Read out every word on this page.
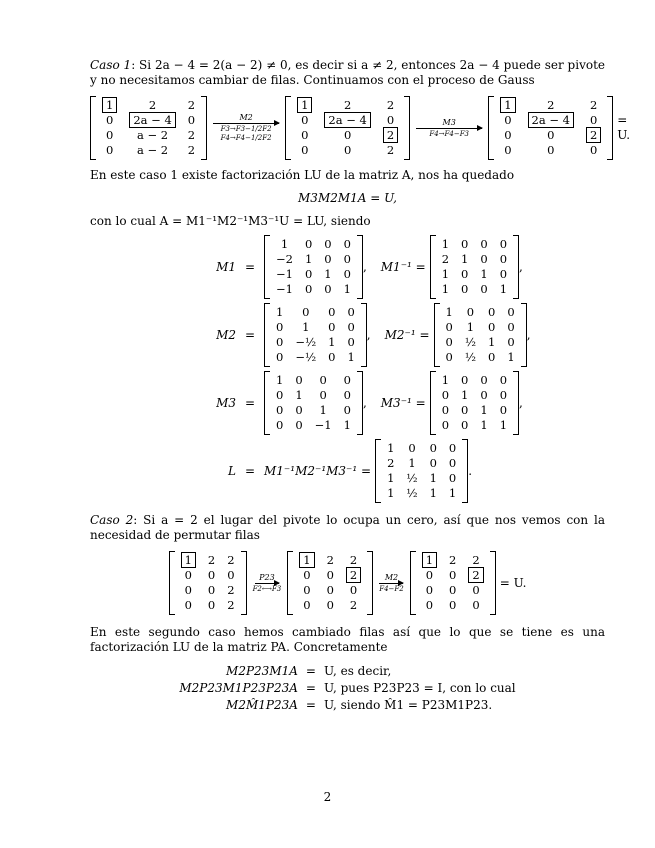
Caso 1: Si 2a − 4 = 2(a − 2) ≠ 0, es decir si a ≠ 2, entonces 2a − 4 puede ser pivote y no necesitamos cambiar de filas. Continuamos con el proceso de Gauss

1	2	2
0	2a − 4	0
0	a − 2	2
0	a − 2	2
M2
F3→F3−1/2F2
F4→F4−1/2F2
1	2	2
0	2a − 4	0
0	0	2
0	0	2
M3
F4→F4−F3
1	2	2
0	2a − 4	0
0	0	2
0	0	0
= U.

En este caso 1 existe factorización LU de la matriz A, nos ha quedado

M3M2M1A = U,

con lo cual A = M1⁻¹M2⁻¹M3⁻¹U = LU, siendo

M1 =
1	0	0	0
−2	1	0	0
−1	0	1	0
−1	0	0	1
, M1⁻¹ =
1	0	0	0
2	1	0	0
1	0	1	0
1	0	0	1
,
M2 =
1	0	0	0
0	1	0	0
0	−½	1	0
0	−½	0	1
, M2⁻¹ =
1	0	0	0
0	1	0	0
0	½	1	0
0	½	0	1
,
M3 =
1	0	0	0
0	1	0	0
0	0	1	0
0	0	−1	1
, M3⁻¹ =
1	0	0	0
0	1	0	0
0	0	1	0
0	0	1	1
,
L = M1⁻¹M2⁻¹M3⁻¹ =
1	0	0	0
2	1	0	0
1	½	1	0
1	½	1	1
.

Caso 2: Si a = 2 el lugar del pivote lo ocupa un cero, así que nos vemos con la necesidad de permutar filas

1	2	2
0	0	0
0	0	2
0	0	2
P23
F2⟷F3
1	2	2
0	0	2
0	0	0
0	0	2
M2
F4−F2
1	2	2
0	0	2
0	0	0
0	0	0
= U.

En este segundo caso hemos cambiado filas así que lo que se tiene es una factorización LU de la matriz PA. Concretamente

M2P23M1A	=	U, es decir,
M2P23M1P23P23A	=	U, pues P23P23 = I, con lo cual
M2M̂1P23A	=	U, siendo M̂1 = P23M1P23.
2
